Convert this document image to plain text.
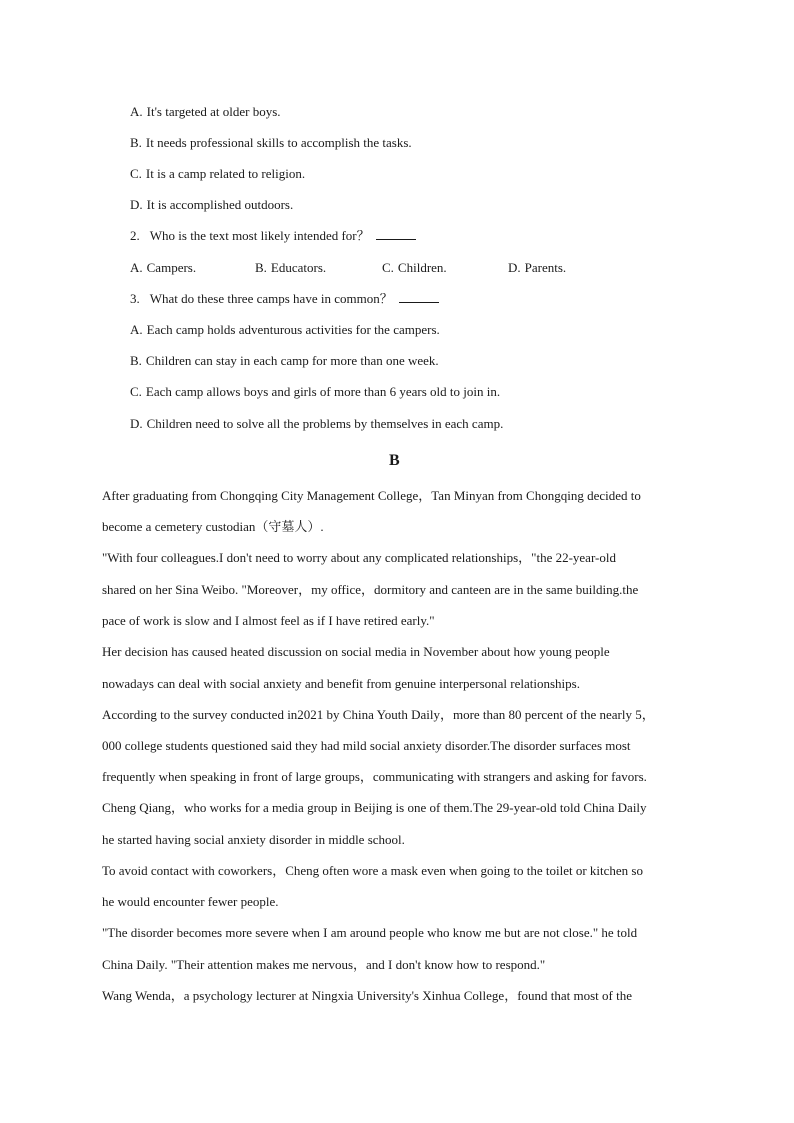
A. It's targeted at older boys.
B. It needs professional skills to accomplish the tasks.
C. It is a camp related to religion.
D. It is accomplished outdoors.
2. Who is the text most likely intended for？
A. Campers.	B. Educators.	C. Children.	D. Parents.
3. What do these three camps have in common？
A. Each camp holds adventurous activities for the campers.
B. Children can stay in each camp for more than one week.
C. Each camp allows boys and girls of more than 6 years old to join in.
D. Children need to solve all the problems by themselves in each camp.
B
After graduating from Chongqing City Management College，Tan Minyan from Chongqing decided to
become a cemetery custodian（守墓人）.
"With four colleagues.I don't need to worry about any complicated relationships，"the 22-year-old
shared on her Sina Weibo. "Moreover，my office，dormitory and canteen are in the same building.the
pace of work is slow and I almost feel as if I have retired early."
Her decision has caused heated discussion on social media in November about how young people
nowadays can deal with social anxiety and benefit from genuine interpersonal relationships.
According to the survey conducted in2021 by China Youth Daily，more than 80 percent of the nearly 5，
000 college students questioned said they had mild social anxiety disorder.The disorder surfaces most
frequently when speaking in front of large groups，communicating with strangers and asking for favors.
Cheng Qiang，who works for a media group in Beijing is one of them.The 29-year-old told China Daily
he started having social anxiety disorder in middle school.
To avoid contact with coworkers，Cheng often wore a mask even when going to the toilet or kitchen so
he would encounter fewer people.
"The disorder becomes more severe when I am around people who know me but are not close." he told
China Daily. "Their attention makes me nervous，and I don't know how to respond."
Wang Wenda，a psychology lecturer at Ningxia University's Xinhua College，found that most of the
